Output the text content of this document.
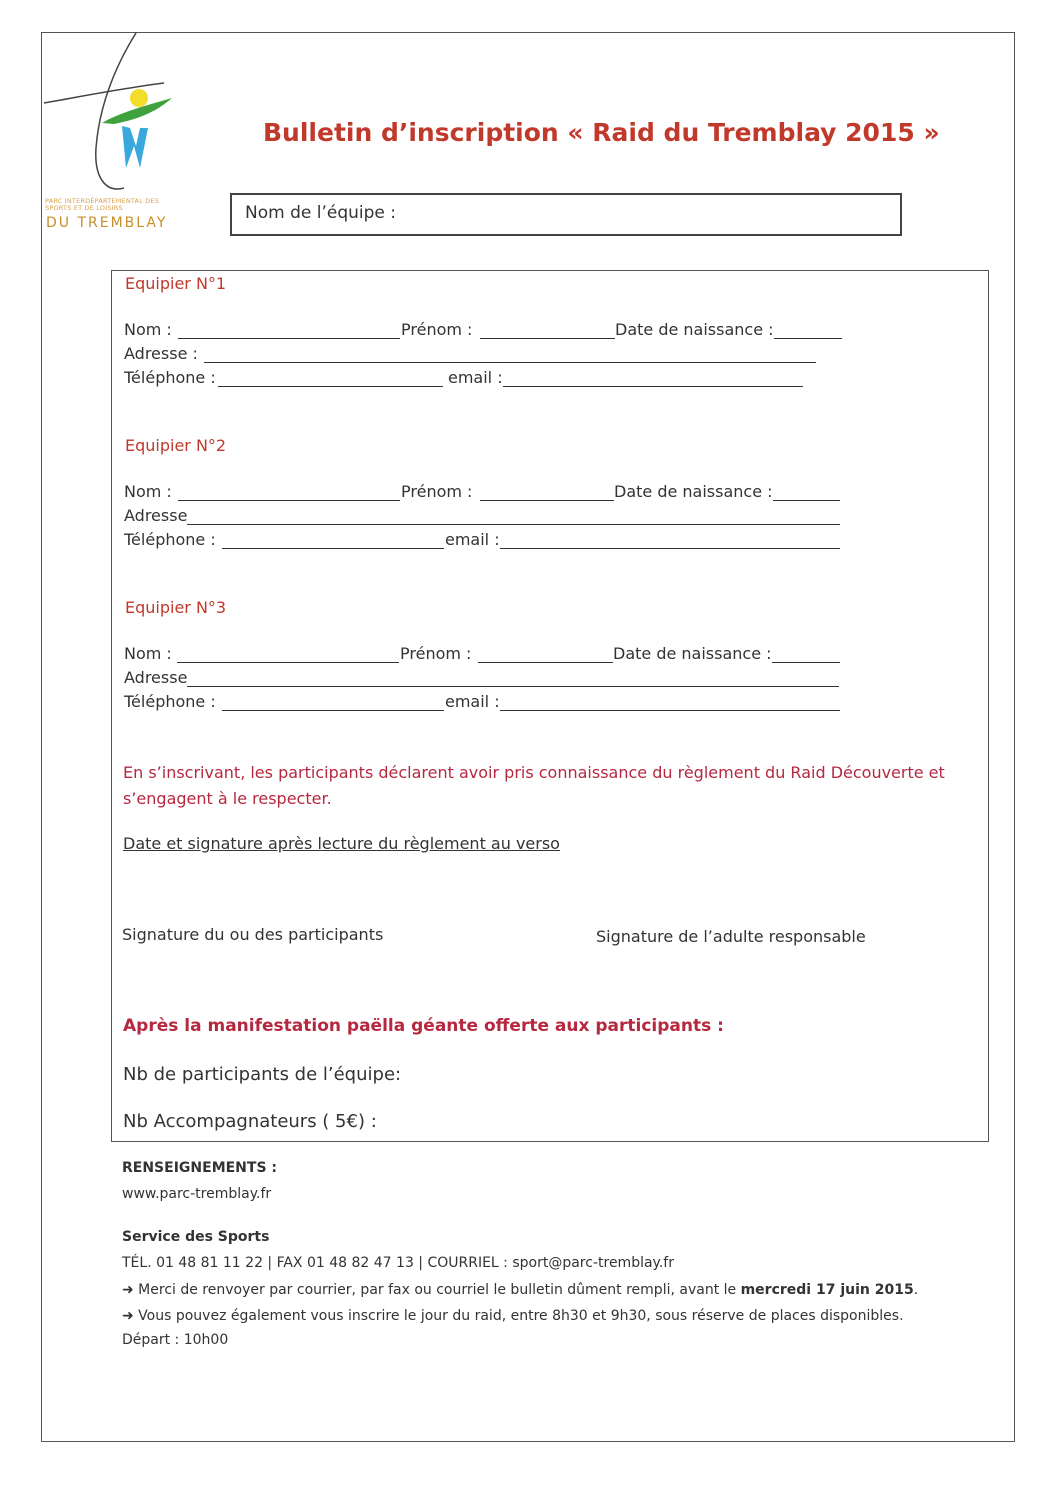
PARC INTERDÉPARTEMENTAL DES SPORTS ET DE LOISIRS
DU TREMBLAY
Bulletin d’inscription « Raid du Tremblay 2015 »
Nom de l’équipe :
Equipier N°1
Nom :	Prénom :	Date de naissance :
Adresse :
Téléphone :	email :
Equipier N°2
Nom :	Prénom :	Date de naissance :
Adresse
Téléphone :	email :
Equipier N°3
Nom :	Prénom :	Date de naissance :
Adresse
Téléphone :	email :
En s’inscrivant, les participants déclarent avoir pris connaissance du règlement du Raid Découverte et
s’engagent à le respecter.
Date et signature après lecture du règlement au verso
Signature du ou des participants	Signature de l’adulte responsable
Après la manifestation paëlla géante offerte aux participants :
Nb de participants de l’équipe:
Nb Accompagnateurs ( 5€) :
RENSEIGNEMENTS :
www.parc-tremblay.fr
Service des Sports
TÉL. 01 48 81 11 22 | FAX 01 48 82 47 13 | COURRIEL : sport@parc-tremblay.fr
➜ Merci de renvoyer par courrier, par fax ou courriel le bulletin dûment rempli, avant le mercredi 17 juin 2015.
➜ Vous pouvez également vous inscrire le jour du raid, entre 8h30 et 9h30, sous réserve de places disponibles.
Départ : 10h00
